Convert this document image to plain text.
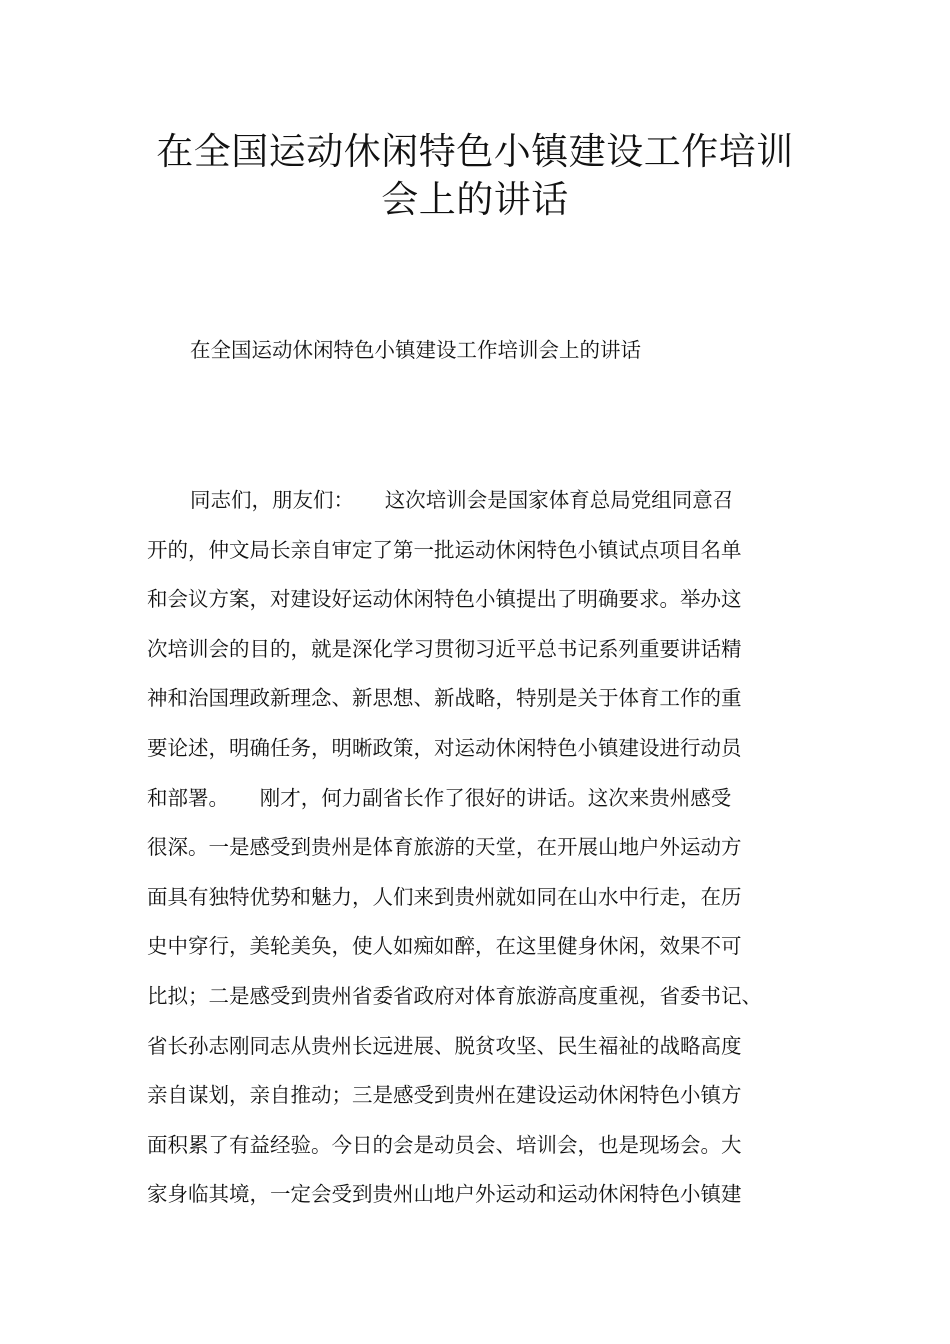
在全国运动休闲特色小镇建设工作培训
会上的讲话

在全国运动休闲特色小镇建设工作培训会上的讲话

同志们，朋友们：　　这次培训会是国家体育总局党组同意召
开的，仲文局长亲自审定了第一批运动休闲特色小镇试点项目名单
和会议方案，对建设好运动休闲特色小镇提出了明确要求。举办这
次培训会的目的，就是深化学习贯彻习近平总书记系列重要讲话精
神和治国理政新理念、新思想、新战略，特别是关于体育工作的重
要论述，明确任务，明晰政策，对运动休闲特色小镇建设进行动员
和部署。　　刚才，何力副省长作了很好的讲话。这次来贵州感受
很深。一是感受到贵州是体育旅游的天堂，在开展山地户外运动方
面具有独特优势和魅力，人们来到贵州就如同在山水中行走，在历
史中穿行，美轮美奂，使人如痴如醉，在这里健身休闲，效果不可
比拟；二是感受到贵州省委省政府对体育旅游高度重视，省委书记、
省长孙志刚同志从贵州长远进展、脱贫攻坚、民生福祉的战略高度
亲自谋划，亲自推动；三是感受到贵州在建设运动休闲特色小镇方
面积累了有益经验。今日的会是动员会、培训会，也是现场会。大
家身临其境，一定会受到贵州山地户外运动和运动休闲特色小镇建
